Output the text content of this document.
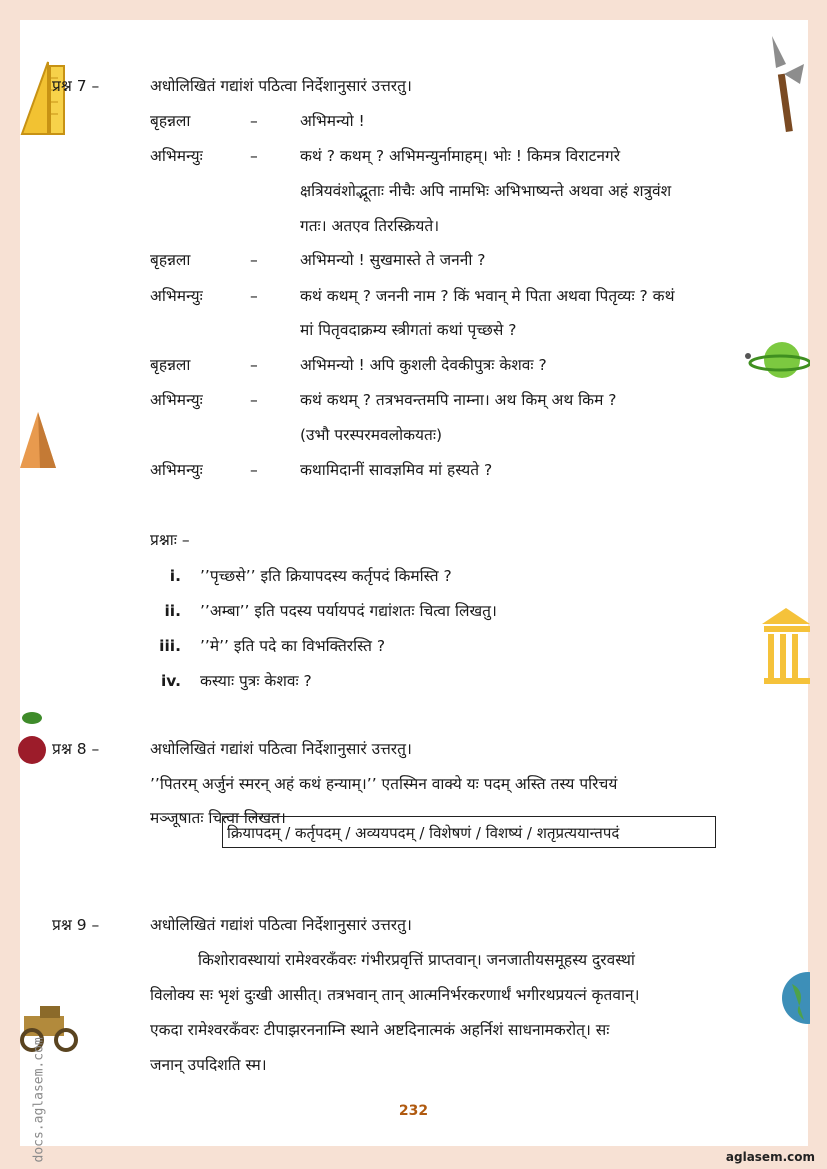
प्रश्न 7 –	अधोलिखितं गद्यांशं पठित्वा निर्देशानुसारं उत्तरतु।
बृहन्नला	–	अभिमन्यो !
अभिमन्युः	–	कथं ? कथम् ? अभिमन्युर्नामाहम्। भोः ! किमत्र विराटनगरे
क्षत्रियवंशोद्भूताः नीचैः अपि नामभिः अभिभाष्यन्ते अथवा अहं शत्रुवंश
गतः। अतएव तिरस्क्रियते।
बृहन्नला	–	अभिमन्यो ! सुखमास्ते ते जननी ?
अभिमन्युः	–	कथं कथम् ? जननी नाम ? किं भवान् मे पिता अथवा पितृव्यः ? कथं
मां पितृवदाक्रम्य स्त्रीगतां कथां पृच्छसे ?
बृहन्नला	–	अभिमन्यो ! अपि कुशली देवकीपुत्रः केशवः ?
अभिमन्युः	–	कथं कथम् ? तत्रभवन्तमपि नाम्ना। अथ किम् अथ किम ?
(उभौ परस्परमवलोकयतः)
अभिमन्युः	–	कथामिदानीं सावज्ञमिव मां हस्यते ?
प्रश्नाः –
i. ’’पृच्छसे’’ इति क्रियापदस्य कर्तृपदं किमस्ति ?
ii. ’’अम्बा’’ इति पदस्य पर्यायपदं गद्यांशतः चित्वा लिखतु।
iii. ’’मे’’ इति पदे का विभक्तिरस्ति ?
iv. कस्याः पुत्रः केशवः ?
प्रश्न 8 –	अधोलिखितं गद्यांशं पठित्वा निर्देशानुसारं उत्तरतु।
’’पितरम् अर्जुनं स्मरन् अहं कथं हन्याम्।’’ एतस्मिन वाक्ये यः पदम् अस्ति तस्य परिचयं
मञ्जूषातः चित्वा लिखत।
क्रियापदम् / कर्तृपदम् / अव्ययपदम् / विशेषणं / विशष्यं / शतृप्रत्ययान्तपदं
प्रश्न 9 –	अधोलिखितं गद्यांशं पठित्वा निर्देशानुसारं उत्तरतु।
किशोरावस्थायां रामेश्वरकँवरः गंभीरप्रवृत्तिं प्राप्तवान्। जनजातीयसमूहस्य दुरवस्थां
विलोक्य सः भृशं दुःखी आसीत्। तत्रभवान् तान् आत्मनिर्भरकरणार्थं भगीरथप्रयत्नं कृतवान्।
एकदा रामेश्वरकँवरः टीपाझरननाम्नि स्थाने अष्टदिनात्मकं अहर्निशं साधनामकरोत्। सः
जनान् उपदिशति स्म।
232
aglasem.com
docs.aglasem.com
